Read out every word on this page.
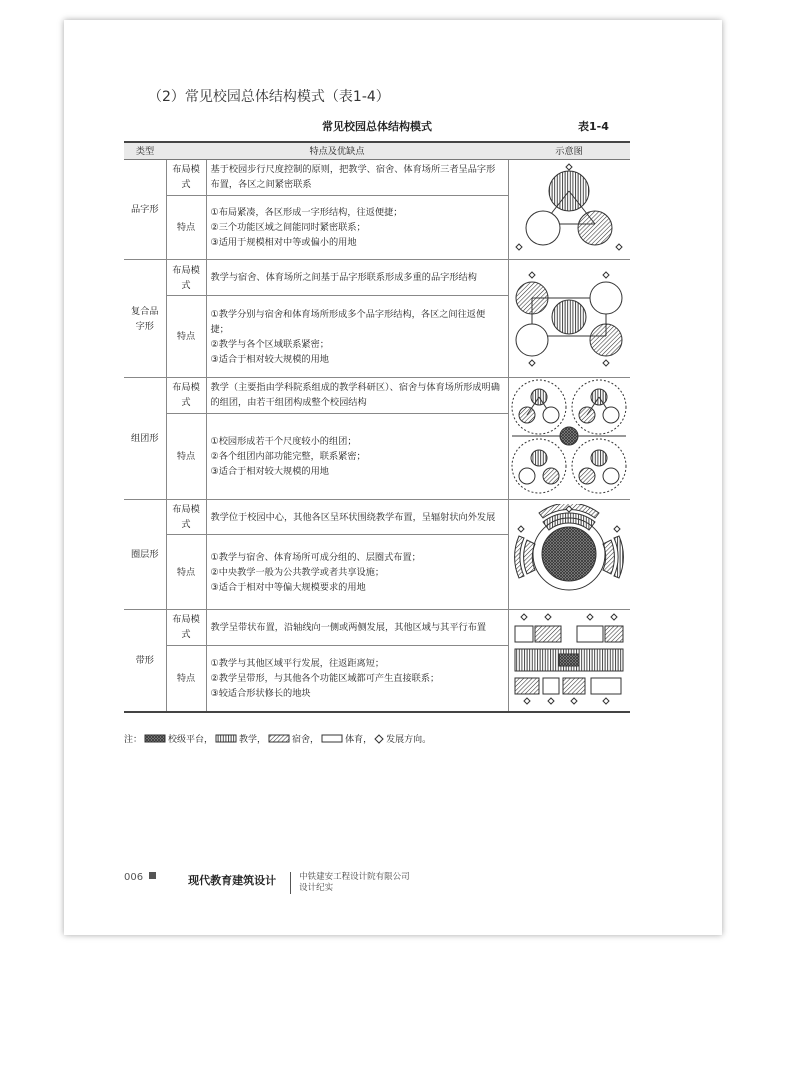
（2）常见校园总体结构模式（表1-4）
常见校园总体结构模式	表1-4
类型	特点及优缺点		示意图
品字形	布局模式	基于校园步行尺度控制的原则，把教学、宿舍、体育场所三者呈品字形布置，各区之间紧密联系	
	特点	①布局紧凑，各区形成一字形结构，往返便捷；
②三个功能区域之间能同时紧密联系；
③适用于规模相对中等或偏小的用地	

复合品字形	布局模式	教学与宿舍、体育场所之间基于品字形联系形成多重的品字形结构	
	特点	①教学分别与宿舍和体育场所形成多个品字形结构，各区之间往返便捷；
②教学与各个区域联系紧密；
③适合于相对较大规模的用地	

组团形	布局模式	教学（主要指由学科院系组成的教学科研区）、宿舍与体育场所形成明确的组团，由若干组团构成整个校园结构	
	特点	①校园形成若干个尺度较小的组团；
②各个组团内部功能完整，联系紧密；
③适合于相对较大规模的用地	

圈层形	布局模式	教学位于校园中心，其他各区呈环状围绕教学布置，呈辐射状向外发展	
	特点	①教学与宿舍、体育场所可成分组的、层圈式布置；
②中央教学一般为公共教学或者共享设施；
③适合于相对中等偏大规模要求的用地	

带形	布局模式	教学呈带状布置，沿轴线向一侧或两侧发展，其他区域与其平行布置	
	特点	①教学与其他区域平行发展，往返距离短；
②教学呈带形，与其他各个功能区域都可产生直接联系；
③较适合形状修长的地块	
注：	校级平台，	教学，	宿舍，	体育， 发展方向。
006	现代教育建筑设计	中铁建安工程设计院有限公司
设计纪实
